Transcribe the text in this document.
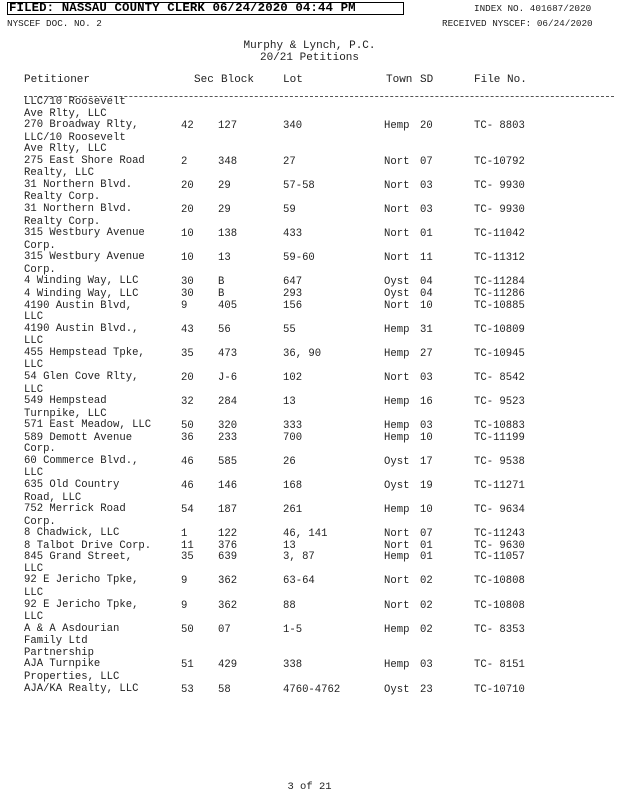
FILED: NASSAU COUNTY CLERK 06/24/2020 04:44 PM	INDEX NO. 401687/2020
NYSCEF DOC. NO. 2	RECEIVED NYSCEF: 06/24/2020
Murphy & Lynch, P.C.
20/21 Petitions
Petitioner	Sec Block	Lot	Town SD	File No.
LLC/10 Roosevelt
Ave Rlty, LLC
270 Broadway Rlty,	42 127	340	Hemp 20	TC- 8803
LLC/10 Roosevelt
Ave Rlty, LLC
275 East Shore Road	2	348	27	Nort 07	TC-10792
Realty, LLC
31 Northern Blvd.	20 29	57-58	Nort 03	TC- 9930
Realty Corp.
31 Northern Blvd.	20 29	59	Nort 03	TC- 9930
Realty Corp.
315 Westbury Avenue	10 138	433	Nort 01	TC-11042
Corp.
315 Westbury Avenue	10 13	59-60	Nort 11	TC-11312
Corp.
4 Winding Way, LLC	30 B	647	Oyst 04	TC-11284
4 Winding Way, LLC	30 B	293	Oyst 04	TC-11286
4190 Austin Blvd,	9	405	156	Nort 10	TC-10885
LLC
4190 Austin Blvd.,	43 56	55	Hemp 31	TC-10809
LLC
455 Hempstead Tpke,	35 473	36, 90	Hemp 27	TC-10945
LLC
54 Glen Cove Rlty,	20 J-6	102	Nort 03	TC- 8542
LLC
549 Hempstead	32 284	13	Hemp 16	TC- 9523
Turnpike, LLC
571 East Meadow, LLC	50 320	333	Hemp 03	TC-10883
589 Demott Avenue	36 233	700	Hemp 10	TC-11199
Corp.
60 Commerce Blvd.,	46 585	26	Oyst 17	TC- 9538
LLC
635 Old Country	46 146	168	Oyst 19	TC-11271
Road, LLC
752 Merrick Road	54 187	261	Hemp 10	TC- 9634
Corp.
8 Chadwick, LLC	1	122	46, 141	Nort 07	TC-11243
8 Talbot Drive Corp.	11 376	13	Nort 01	TC- 9630
845 Grand Street,	35 639	3, 87	Hemp 01	TC-11057
LLC
92 E Jericho Tpke,	9	362	63-64	Nort 02	TC-10808
LLC
92 E Jericho Tpke,	9	362	88	Nort 02	TC-10808
LLC
A & A Asdourian	50 07	1-5	Hemp 02	TC- 8353
Family Ltd
Partnership
AJA Turnpike	51 429	338	Hemp 03	TC- 8151
Properties, LLC
AJA/KA Realty, LLC	53 58	4760-4762	Oyst 23	TC-10710
3 of 21
